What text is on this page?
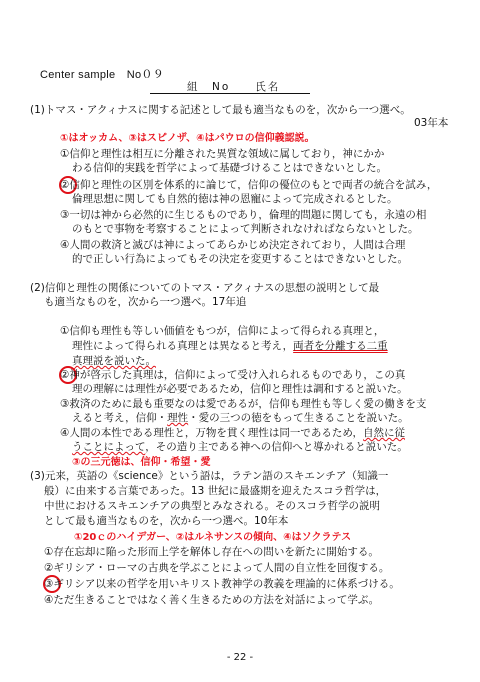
Center sample　No０９
組　No　　氏名
(1)トマス・アクィナスに関する記述として最も適当なものを，次から一つ選べ。
03年本
①はオッカム、③はスピノザ、④はパウロの信仰義認説。
①信仰と理性は相互に分離された異質な領域に属しており，神にかか
わる信仰的実践を哲学によって基礎づけることはできないとした。
②信仰と理性の区別を体系的に論じて，信仰の優位のもとで両者の統合を試み，
倫理思想に関しても自然的徳は神の恩寵によって完成されるとした。
③一切は神から必然的に生じるものであり，倫理的問題に関しても，永遠の相
のもとで事物を考察することによって判断されなければならないとした。
④人間の救済と滅びは神によってあらかじめ決定されており，人間は合理
的で正しい行為によってもその決定を変更することはできないとした。
(2)信仰と理性の関係についてのトマス・アクィナスの思想の説明として最
も適当なものを，次から一つ選べ。17年追
①信仰も理性も等しい価値をもつが，信仰によって得られる真理と，
理性によって得られる真理とは異なると考え，両者を分離する二重
真理説を説いた。
②神が啓示した真理は，信仰によって受け入れられるものであり，この真
理の理解には理性が必要であるため，信仰と理性は調和すると説いた。
③救済のために最も重要なのは愛であるが，信仰も理性も等しく愛の働きを支
えると考え，信仰・理性・愛の三つの徳をもって生きることを説いた。
④人間の本性である理性と，万物を貫く理性は同一であるため，自然に従
うことによって，その造り主である神への信仰へと導かれると説いた。
③の三元徳は、信仰・希望・愛
(3)元来，英語の《science》という語は，ラテン語のスキエンチア（知識一
般）に由来する言葉であった。13 世紀に最盛期を迎えたスコラ哲学は，
中世におけるスキエンチアの典型とみなされる。そのスコラ哲学の説明
として最も適当なものを，次から一つ選べ。10年本
①20ｃのハイデガー、②はルネサンスの傾向、④はソクラテス
①存在忘却に陥った形而上学を解体し存在への問いを新たに開始する。
②ギリシア・ローマの古典を学ぶことによって人間の自立性を回復する。
③ギリシア以来の哲学を用いキリスト教神学の教義を理論的に体系づける。
④ただ生きることではなく善く生きるための方法を対話によって学ぶ。
- 22 -
